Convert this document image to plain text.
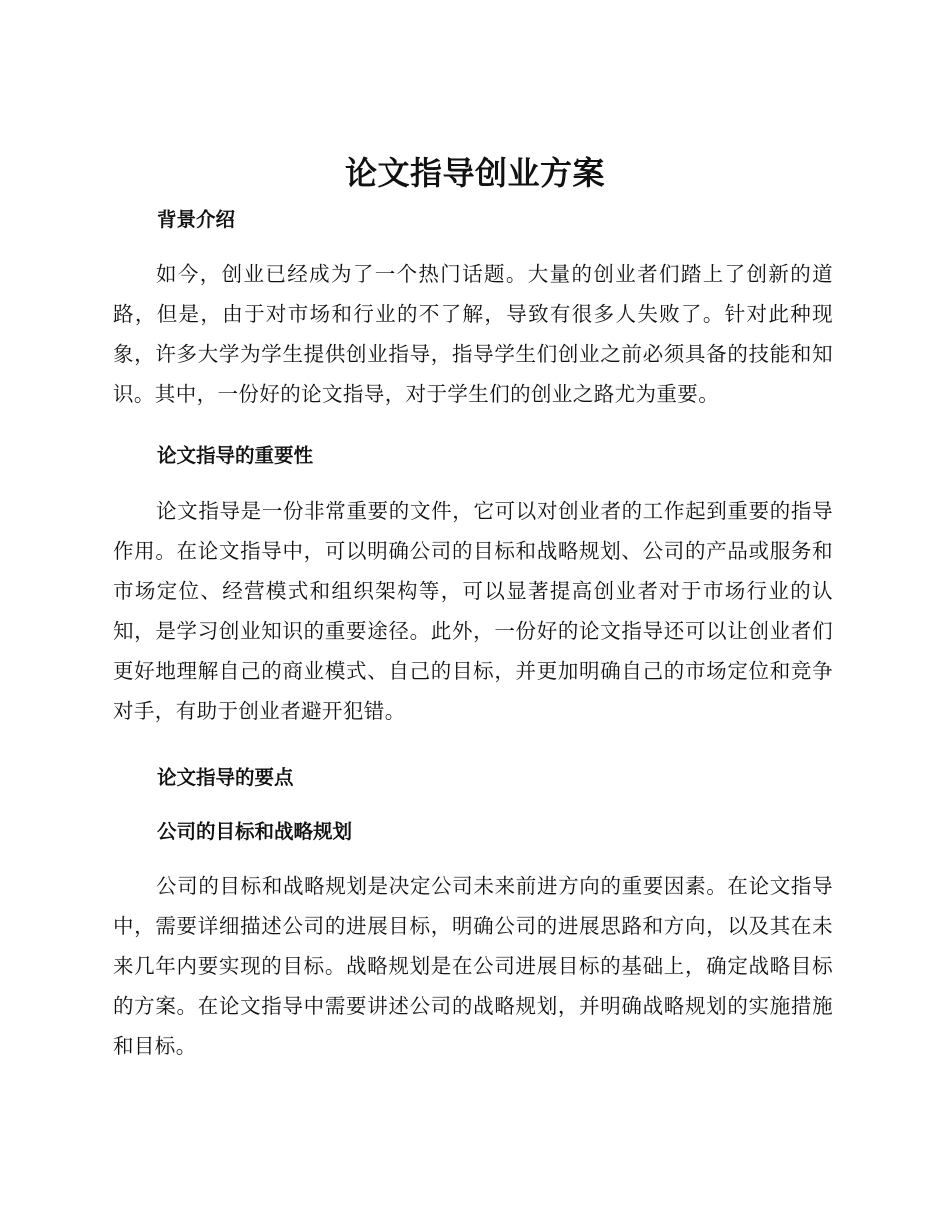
论文指导创业方案
背景介绍
如今，创业已经成为了一个热门话题。大量的创业者们踏上了创新的道路，但是，由于对市场和行业的不了解，导致有很多人失败了。针对此种现象，许多大学为学生提供创业指导，指导学生们创业之前必须具备的技能和知识。其中，一份好的论文指导，对于学生们的创业之路尤为重要。
论文指导的重要性
论文指导是一份非常重要的文件，它可以对创业者的工作起到重要的指导作用。在论文指导中，可以明确公司的目标和战略规划、公司的产品或服务和市场定位、经营模式和组织架构等，可以显著提高创业者对于市场行业的认知，是学习创业知识的重要途径。此外，一份好的论文指导还可以让创业者们更好地理解自己的商业模式、自己的目标，并更加明确自己的市场定位和竞争对手，有助于创业者避开犯错。
论文指导的要点
公司的目标和战略规划
公司的目标和战略规划是决定公司未来前进方向的重要因素。在论文指导中，需要详细描述公司的进展目标，明确公司的进展思路和方向，以及其在未来几年内要实现的目标。战略规划是在公司进展目标的基础上，确定战略目标的方案。在论文指导中需要讲述公司的战略规划，并明确战略规划的实施措施和目标。
